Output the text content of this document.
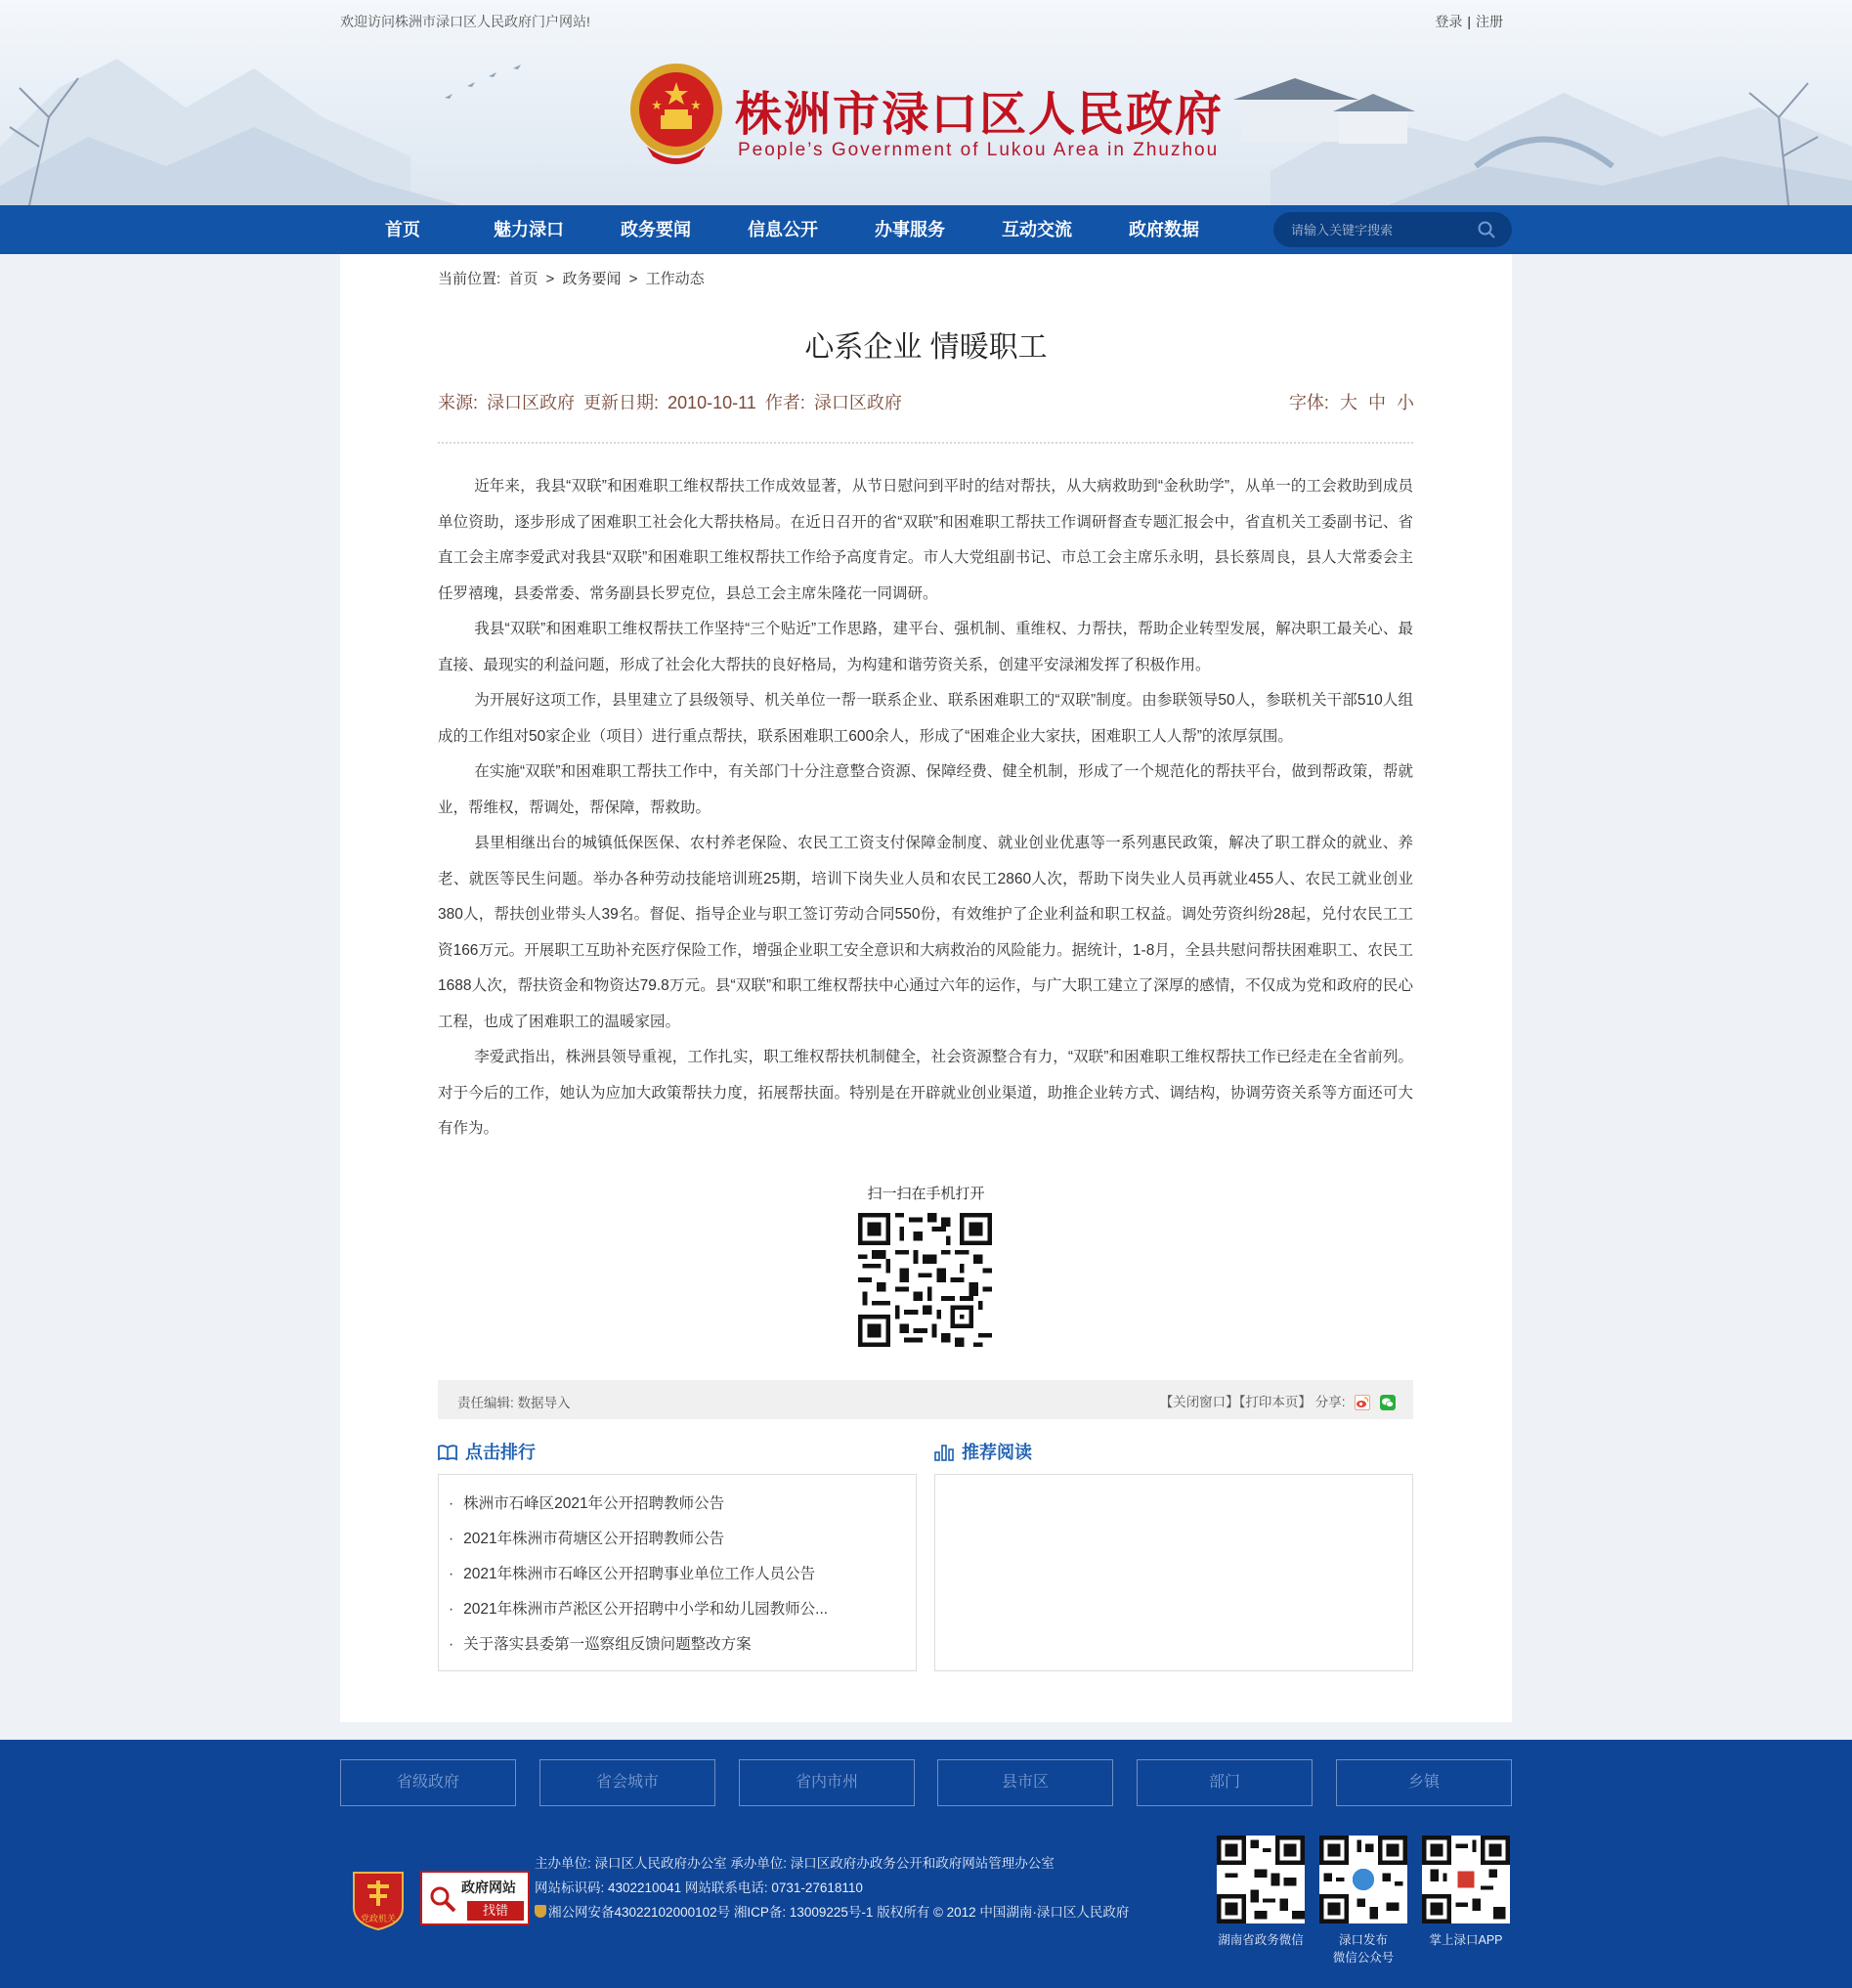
欢迎访问株洲市渌口区人民政府门户网站!	登录 | 注册
株洲市渌口区人民政府
People’s Government of Lukou Area in Zhuzhou
首页	魅力渌口	政务要闻	信息公开	办事服务	互动交流	政府数据
请输入关键字搜索
当前位置: 首页 > 政务要闻 > 工作动态
心系企业 情暖职工
来源: 渌口区政府 更新日期: 2010-10-11 作者: 渌口区政府	字体: 大 中 小

近年来，我县“双联”和困难职工维权帮扶工作成效显著，从节日慰问到平时的结对帮扶，从大病救助到“金秋助学”，从单一的工会救助到成员单位资助，逐步形成了困难职工社会化大帮扶格局。在近日召开的省“双联”和困难职工帮扶工作调研督查专题汇报会中，省直机关工委副书记、省直工会主席李爱武对我县“双联”和困难职工维权帮扶工作给予高度肯定。市人大党组副书记、市总工会主席乐永明，县长蔡周良，县人大常委会主任罗禧瑰，县委常委、常务副县长罗克位，县总工会主席朱隆花一同调研。

我县“双联”和困难职工维权帮扶工作坚持“三个贴近”工作思路，建平台、强机制、重维权、力帮扶，帮助企业转型发展，解决职工最关心、最直接、最现实的利益问题，形成了社会化大帮扶的良好格局，为构建和谐劳资关系，创建平安渌湘发挥了积极作用。

为开展好这项工作，县里建立了县级领导、机关单位一帮一联系企业、联系困难职工的“双联”制度。由参联领导50人，参联机关干部510人组成的工作组对50家企业（项目）进行重点帮扶，联系困难职工600余人，形成了“困难企业大家扶，困难职工人人帮”的浓厚氛围。

在实施“双联”和困难职工帮扶工作中，有关部门十分注意整合资源、保障经费、健全机制，形成了一个规范化的帮扶平台，做到帮政策，帮就业，帮维权，帮调处，帮保障，帮救助。

县里相继出台的城镇低保医保、农村养老保险、农民工工资支付保障金制度、就业创业优惠等一系列惠民政策，解决了职工群众的就业、养老、就医等民生问题。举办各种劳动技能培训班25期，培训下岗失业人员和农民工2860人次，帮助下岗失业人员再就业455人、农民工就业创业380人，帮扶创业带头人39名。督促、指导企业与职工签订劳动合同550份，有效维护了企业利益和职工权益。调处劳资纠纷28起，兑付农民工工资166万元。开展职工互助补充医疗保险工作，增强企业职工安全意识和大病救治的风险能力。据统计，1-8月，全县共慰问帮扶困难职工、农民工1688人次，帮扶资金和物资达79.8万元。县“双联”和职工维权帮扶中心通过六年的运作，与广大职工建立了深厚的感情，不仅成为党和政府的民心工程，也成了困难职工的温暖家园。

李爱武指出，株洲县领导重视，工作扎实，职工维权帮扶机制健全，社会资源整合有力，“双联”和困难职工维权帮扶工作已经走在全省前列。对于今后的工作，她认为应加大政策帮扶力度，拓展帮扶面。特别是在开辟就业创业渠道，助推企业转方式、调结构，协调劳资关系等方面还可大有作为。

扫一扫在手机打开
责任编辑: 数据导入	【关闭窗口】【打印本页】 分享:
点击排行
· 株洲市石峰区2021年公开招聘教师公告
· 2021年株洲市荷塘区公开招聘教师公告
· 2021年株洲市石峰区公开招聘事业单位工作人员公告
· 2021年株洲市芦淞区公开招聘中小学和幼儿园教师公...
· 关于落实县委第一巡察组反馈问题整改方案
推荐阅读
省级政府	省会城市	省内市州	县市区	部门	乡镇
党政机关
政府网站
找错
主办单位: 渌口区人民政府办公室 承办单位: 渌口区政府办政务公开和政府网站管理办公室
网站标识码: 4302210041 网站联系电话: 0731-27618110
湘公网安备43022102000102号 湘ICP备: 13009225号-1 版权所有 © 2012 中国湖南·渌口区人民政府
湖南省政务微信	渌口发布
微信公众号
掌上渌口APP
